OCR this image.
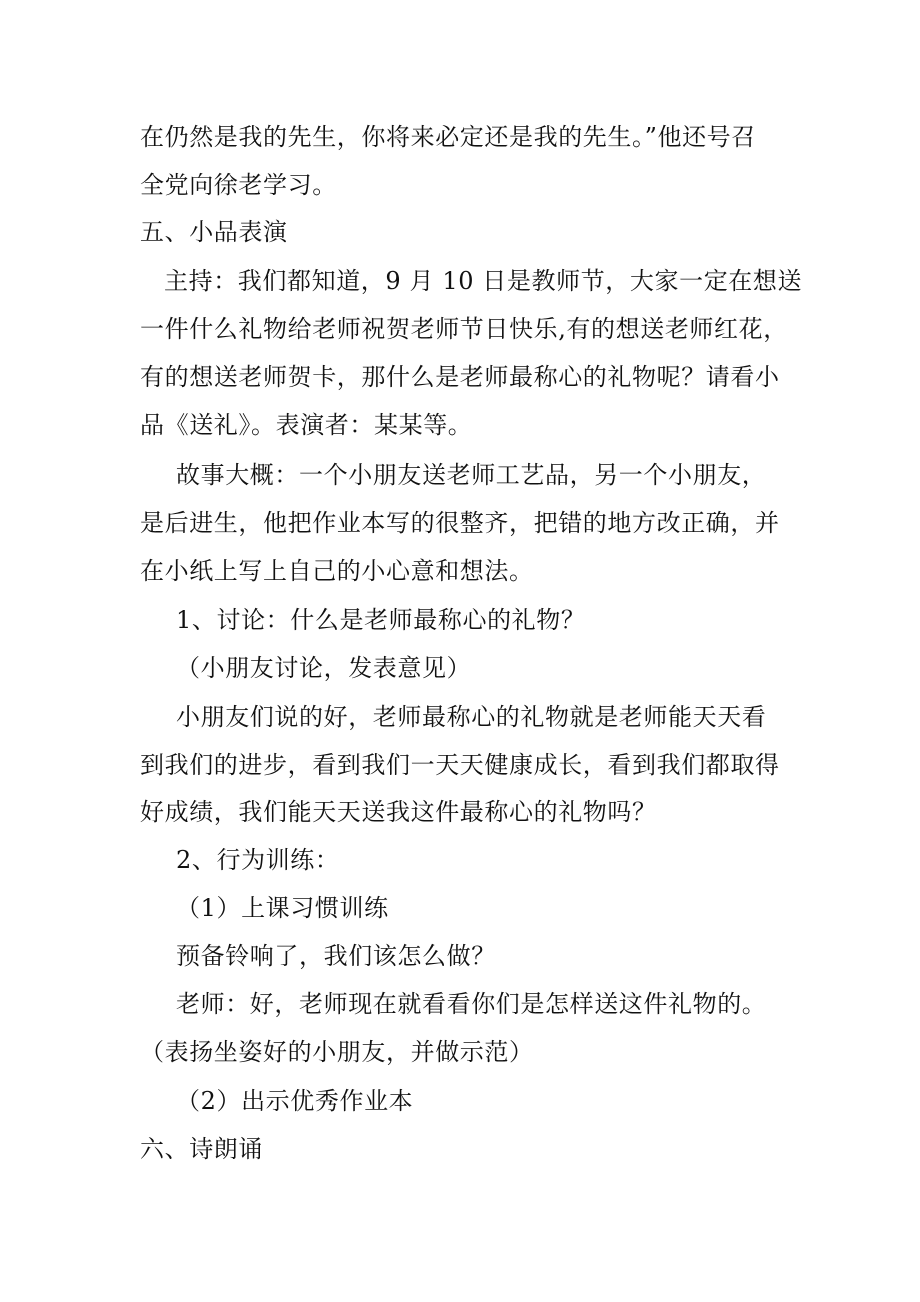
在仍然是我的先生，你将来必定还是我的先生。”他还号召
全党向徐老学习。
五、小品表演
主持：我们都知道，9 月 10 日是教师节，大家一定在想送
一件什么礼物给老师祝贺老师节日快乐,有的想送老师红花，
有的想送老师贺卡，那什么是老师最称心的礼物呢？请看小
品《送礼》。表演者：某某等。
故事大概：一个小朋友送老师工艺品，另一个小朋友，
是后进生，他把作业本写的很整齐，把错的地方改正确，并
在小纸上写上自己的小心意和想法。
1、讨论：什么是老师最称心的礼物？
（小朋友讨论，发表意见）
小朋友们说的好，老师最称心的礼物就是老师能天天看
到我们的进步，看到我们一天天健康成长，看到我们都取得
好成绩，我们能天天送我这件最称心的礼物吗？
2、行为训练：
（1）上课习惯训练
预备铃响了，我们该怎么做？
老师：好，老师现在就看看你们是怎样送这件礼物的。
（表扬坐姿好的小朋友，并做示范）
（2）出示优秀作业本
六、诗朗诵
